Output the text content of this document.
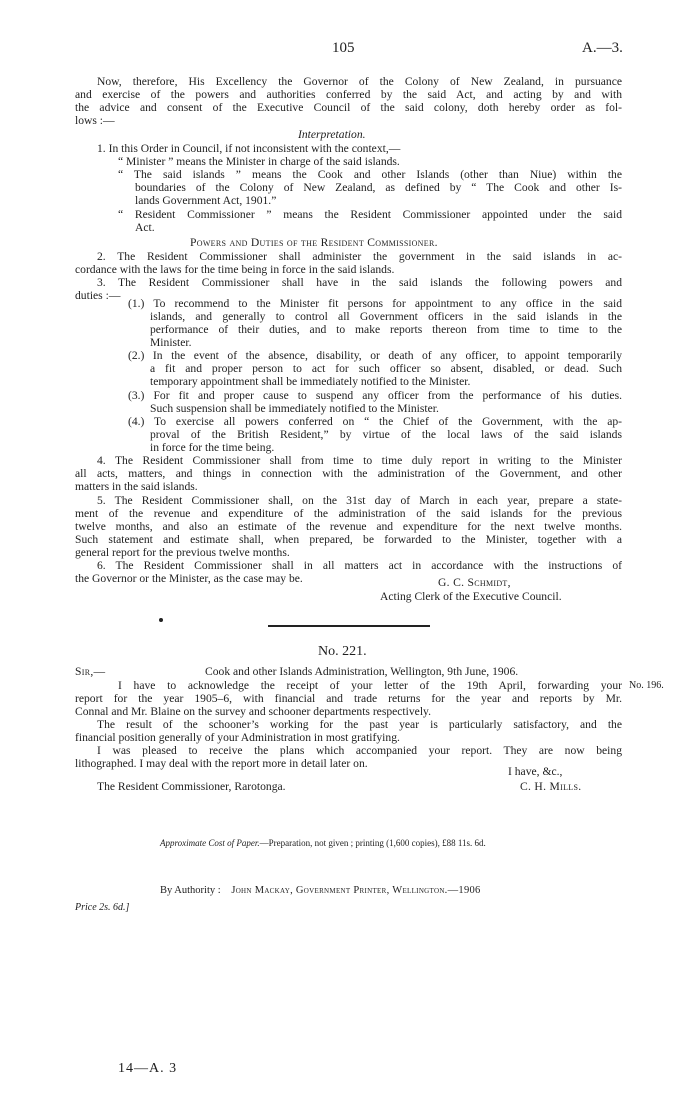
105	A.—3.
Now, therefore, His Excellency the Governor of the Colony of New Zealand, in pursuance
and exercise of the powers and authorities conferred by the said Act, and acting by and with
the advice and consent of the Executive Council of the said colony, doth hereby order as fol-
lows :—
Interpretation.
1. In this Order in Council, if not inconsistent with the context,—
“ Minister ” means the Minister in charge of the said islands.
“ The said islands ” means the Cook and other Islands (other than Niue) within the
boundaries of the Colony of New Zealand, as defined by “ The Cook and other Is-
lands Government Act, 1901.”
“ Resident Commissioner ” means the Resident Commissioner appointed under the said
Act.
Powers and Duties of the Resident Commissioner.
2. The Resident Commissioner shall administer the government in the said islands in ac-
cordance with the laws for the time being in force in the said islands.
3. The Resident Commissioner shall have in the said islands the following powers and
duties :—
(1.) To recommend to the Minister fit persons for appointment to any office in the said
islands, and generally to control all Government officers in the said islands in the
performance of their duties, and to make reports thereon from time to time to the
Minister.
(2.) In the event of the absence, disability, or death of any officer, to appoint temporarily
a fit and proper person to act for such officer so absent, disabled, or dead. Such
temporary appointment shall be immediately notified to the Minister.
(3.) For fit and proper cause to suspend any officer from the performance of his duties.
Such suspension shall be immediately notified to the Minister.
(4.) To exercise all powers conferred on “ the Chief of the Government, with the ap-
proval of the British Resident,” by virtue of the local laws of the said islands
in force for the time being.
4. The Resident Commissioner shall from time to time duly report in writing to the Minister
all acts, matters, and things in connection with the administration of the Government, and other
matters in the said islands.
5. The Resident Commissioner shall, on the 31st day of March in each year, prepare a state-
ment of the revenue and expenditure of the administration of the said islands for the previous
twelve months, and also an estimate of the revenue and expenditure for the next twelve months.
Such statement and estimate shall, when prepared, be forwarded to the Minister, together with a
general report for the previous twelve months.
6. The Resident Commissioner shall in all matters act in accordance with the instructions of
the Governor or the Minister, as the case may be.	G. C. Schmidt,
Acting Clerk of the Executive Council.
No. 221.
Sir,—	Cook and other Islands Administration, Wellington, 9th June, 1906.
No. 196.
I have to acknowledge the receipt of your letter of the 19th April, forwarding your
report for the year 1905–6, with financial and trade returns for the year and reports by Mr.
Connal and Mr. Blaine on the survey and schooner departments respectively.
The result of the schooner’s working for the past year is particularly satisfactory, and the
financial position generally of your Administration in most gratifying.
I was pleased to receive the plans which accompanied your report. They are now being
lithographed. I may deal with the report more in detail later on.
I have, &c.,
The Resident Commissioner, Rarotonga.	C. H. Mills.
Approximate Cost of Paper.—Preparation, not given ; printing (1,600 copies), £88 11s. 6d.
By Authority : John Mackay, Government Printer, Wellington.—1906
Price 2s. 6d.]
14—A. 3
